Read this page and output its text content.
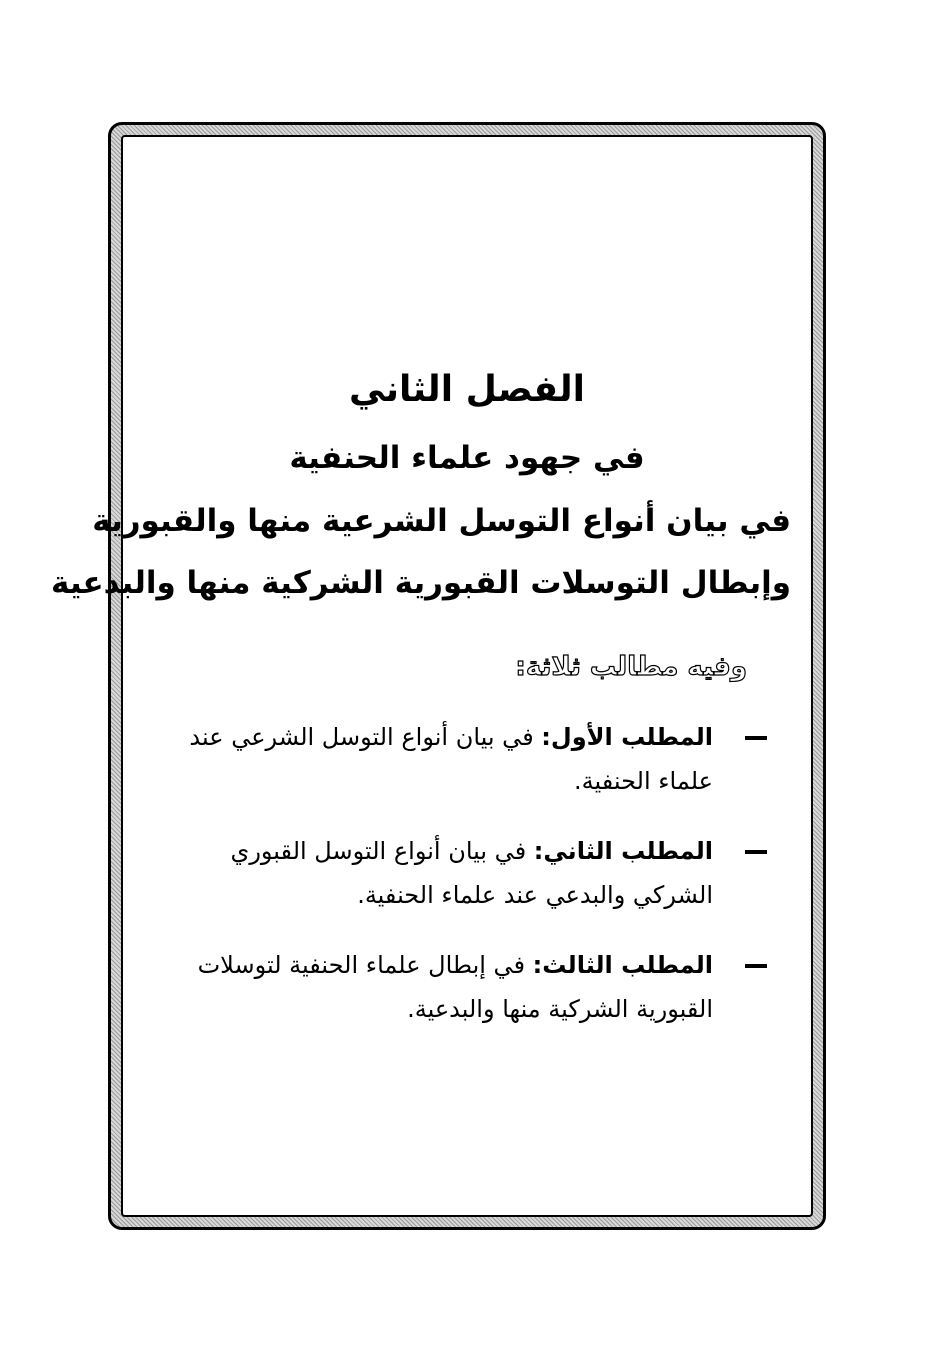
الفصل الثاني

في جهود علماء الحنفية

في بيان أنواع التوسل الشرعية منها والقبورية

وإبطال التوسلات القبورية الشركية منها والبدعية

وفيه مطالب ثلاثة:

المطلب الأول: في بيان أنواع التوسل الشرعي عند علماء الحنفية.
المطلب الثاني: في بيان أنواع التوسل القبوري الشركي والبدعي عند علماء الحنفية.
المطلب الثالث: في إبطال علماء الحنفية لتوسلات القبورية الشركية منها والبدعية.
